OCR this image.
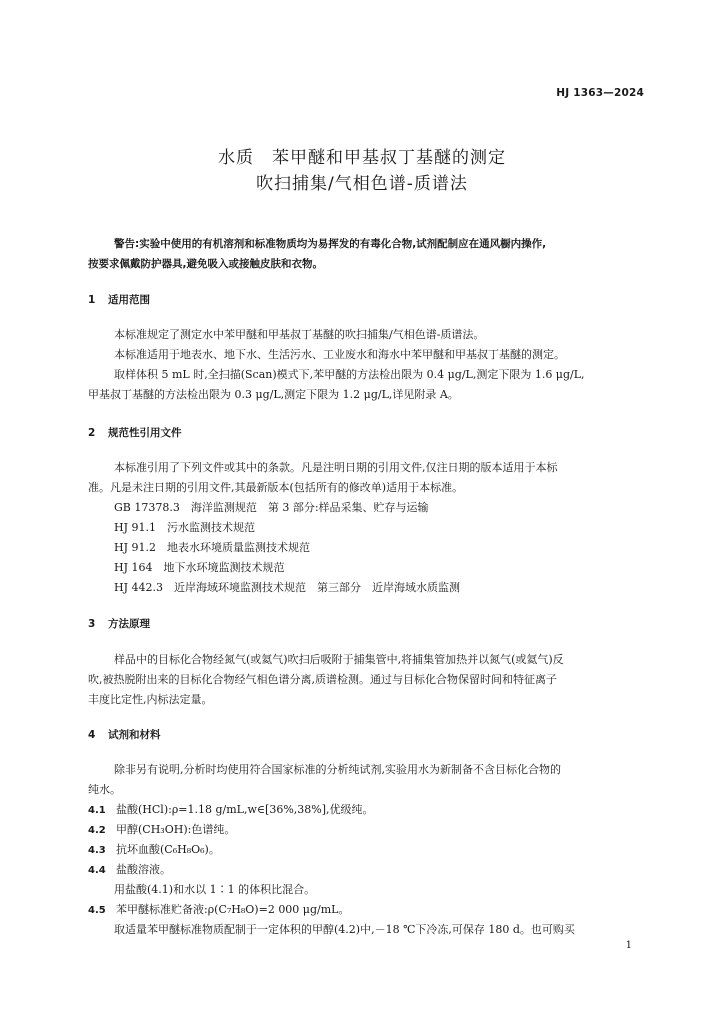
HJ 1363—2024
水质　苯甲醚和甲基叔丁基醚的测定
吹扫捕集/气相色谱-质谱法
警告:实验中使用的有机溶剂和标准物质均为易挥发的有毒化合物,试剂配制应在通风橱内操作,
按要求佩戴防护器具,避免吸入或接触皮肤和衣物。
1 适用范围
本标准规定了测定水中苯甲醚和甲基叔丁基醚的吹扫捕集/气相色谱-质谱法。
本标准适用于地表水、地下水、生活污水、工业废水和海水中苯甲醚和甲基叔丁基醚的测定。
取样体积 5 mL 时,全扫描(Scan)模式下,苯甲醚的方法检出限为 0.4 μg/L,测定下限为 1.6 μg/L,
甲基叔丁基醚的方法检出限为 0.3 μg/L,测定下限为 1.2 μg/L,详见附录 A。
2 规范性引用文件
本标准引用了下列文件或其中的条款。凡是注明日期的引用文件,仅注日期的版本适用于本标
准。凡是未注日期的引用文件,其最新版本(包括所有的修改单)适用于本标准。
GB 17378.3　海洋监测规范　第 3 部分:样品采集、贮存与运输
HJ 91.1　污水监测技术规范
HJ 91.2　地表水环境质量监测技术规范
HJ 164　地下水环境监测技术规范
HJ 442.3　近岸海域环境监测技术规范　第三部分　近岸海域水质监测
3 方法原理
样品中的目标化合物经氮气(或氦气)吹扫后吸附于捕集管中,将捕集管加热并以氮气(或氦气)反
吹,被热脱附出来的目标化合物经气相色谱分离,质谱检测。通过与目标化合物保留时间和特征离子
丰度比定性,内标法定量。
4 试剂和材料
除非另有说明,分析时均使用符合国家标准的分析纯试剂,实验用水为新制备不含目标化合物的
纯水。
4.1 盐酸(HCl):ρ=1.18 g/mL,w∈[36%,38%],优级纯。
4.2 甲醇(CH₃OH):色谱纯。
4.3 抗坏血酸(C₆H₈O₆)。
4.4 盐酸溶液。
用盐酸(4.1)和水以 1∶1 的体积比混合。
4.5 苯甲醚标准贮备液:ρ(C₇H₈O)=2 000 μg/mL。
取适量苯甲醚标准物质配制于一定体积的甲醇(4.2)中,－18 ℃下冷冻,可保存 180 d。也可购买
1
